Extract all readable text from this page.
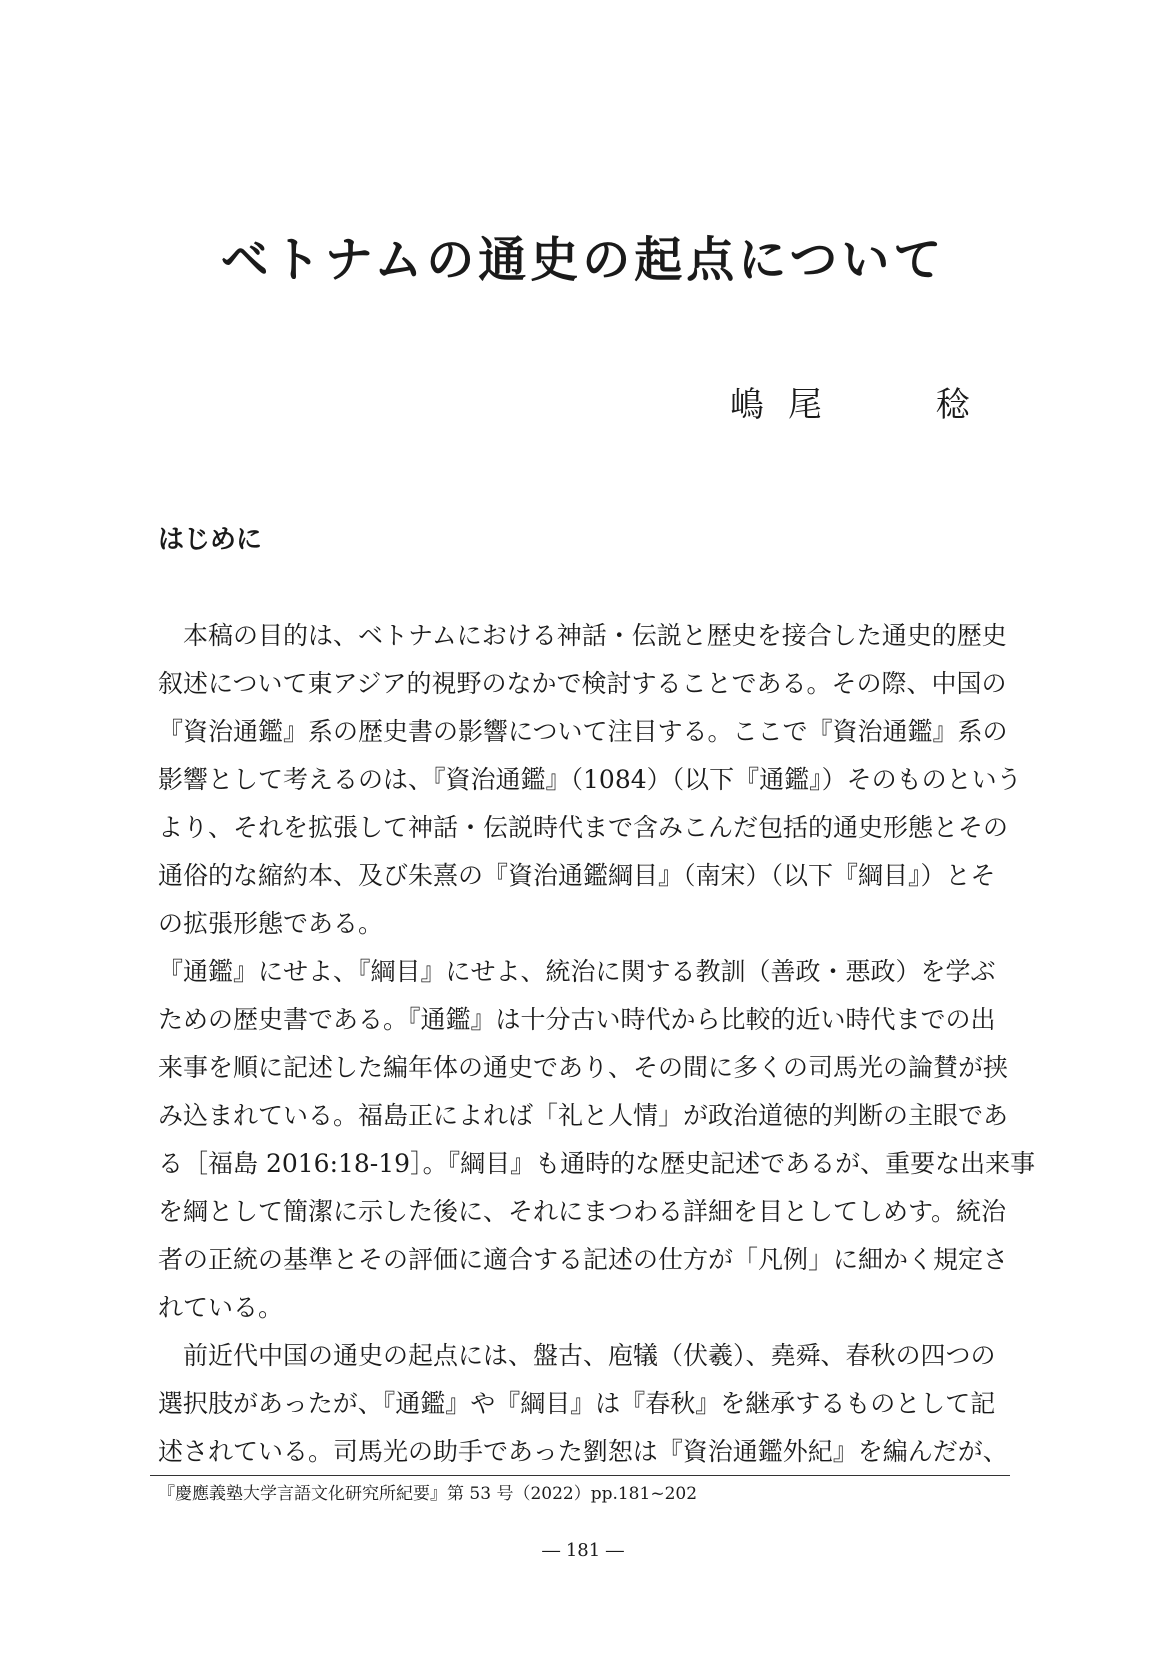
ベトナムの通史の起点について
嶋尾	稔
はじめに
　本稿の目的は、ベトナムにおける神話・伝説と歴史を接合した通史的歴史
叙述について東アジア的視野のなかで検討することである。その際、中国の
『資治通鑑』系の歴史書の影響について注目する。ここで『資治通鑑』系の
影響として考えるのは、『資治通鑑』（1084）（以下『通鑑』）そのものという
より、それを拡張して神話・伝説時代まで含みこんだ包括的通史形態とその
通俗的な縮約本、及び朱熹の『資治通鑑綱目』（南宋）（以下『綱目』）とそ
の拡張形態である。
『通鑑』にせよ、『綱目』にせよ、統治に関する教訓（善政・悪政）を学ぶ
ための歴史書である。『通鑑』は十分古い時代から比較的近い時代までの出
来事を順に記述した編年体の通史であり、その間に多くの司馬光の論賛が挟
み込まれている。福島正によれば「礼と人情」が政治道徳的判断の主眼であ
る［福島 2016:18-19］。『綱目』も通時的な歴史記述であるが、重要な出来事
を綱として簡潔に示した後に、それにまつわる詳細を目としてしめす。統治
者の正統の基準とその評価に適合する記述の仕方が「凡例」に細かく規定さ
れている。
　前近代中国の通史の起点には、盤古、庖犠（伏羲）、堯舜、春秋の四つの
選択肢があったが、『通鑑』や『綱目』は『春秋』を継承するものとして記
述されている。司馬光の助手であった劉恕は『資治通鑑外紀』を編んだが、
『慶應義塾大学言語文化研究所紀要』第 53 号（2022）pp.181~202
― 181 ―
